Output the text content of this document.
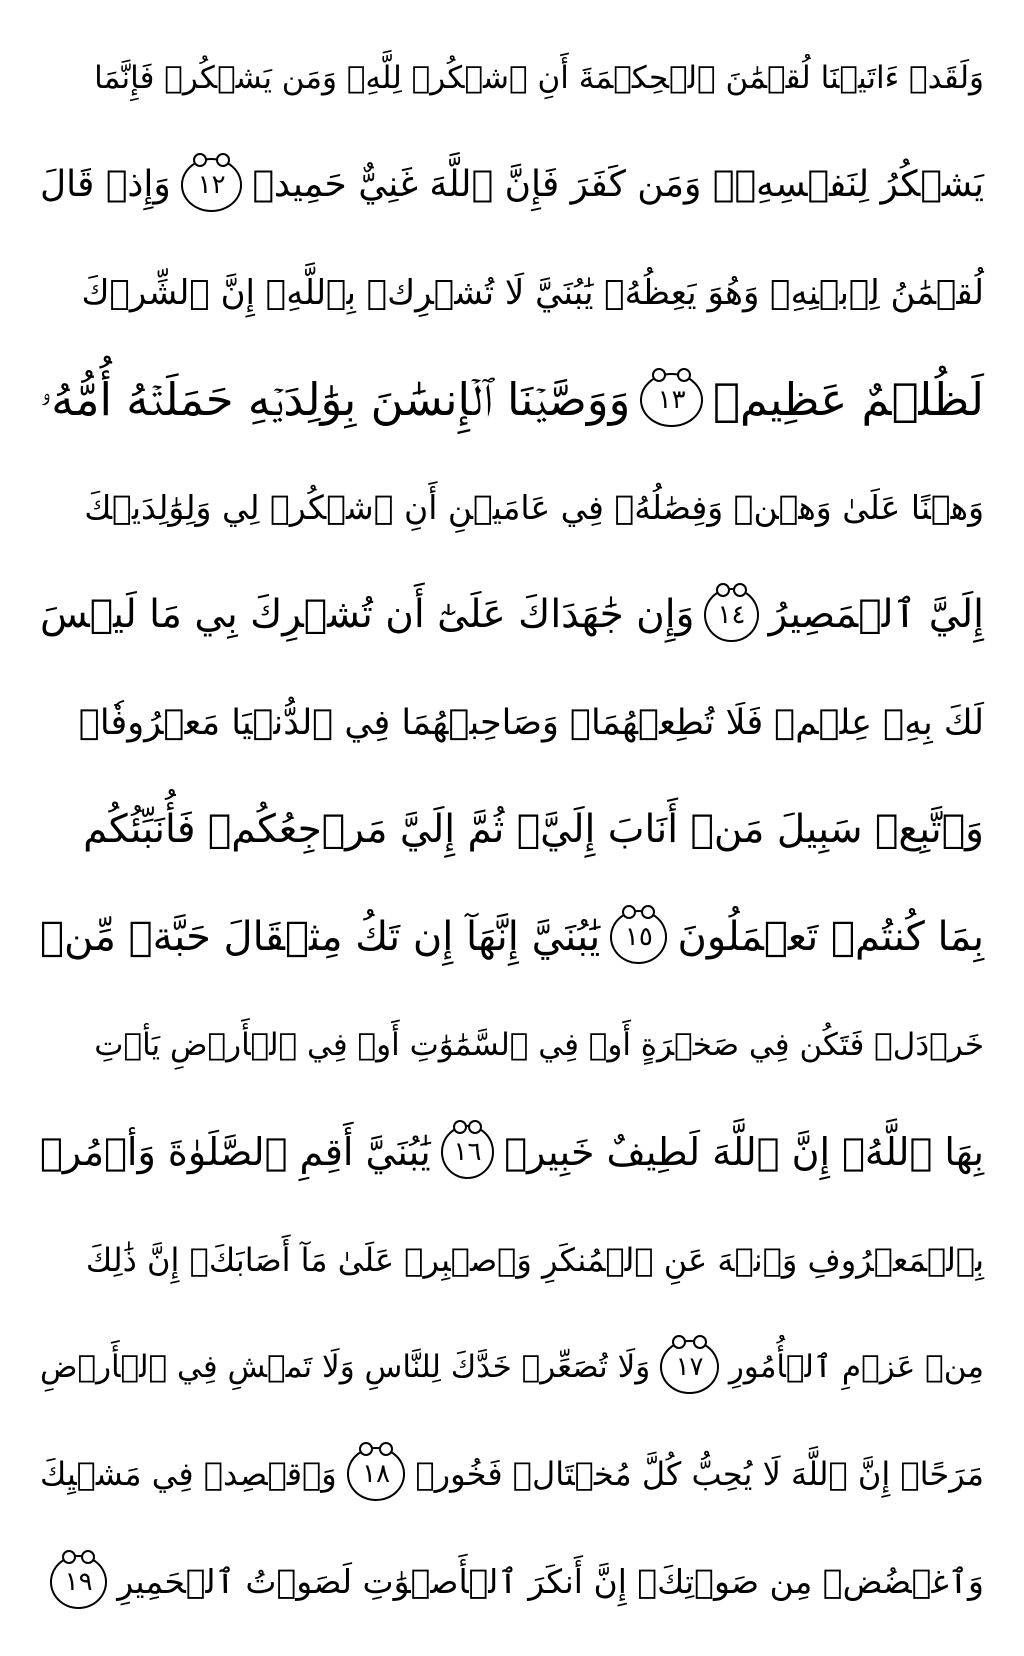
وَلَقَدۡ ءَاتَيۡنَا لُقۡمَٰنَ ٱلۡحِكۡمَةَ أَنِ ٱشۡكُرۡ لِلَّهِۚ وَمَن يَشۡكُرۡ فَإِنَّمَا
يَشۡكُرُ لِنَفۡسِهِۦۖ وَمَن كَفَرَ فَإِنَّ ٱللَّهَ غَنِيٌّ حَمِيدٞ
١٢
وَإِذۡ قَالَ
لُقۡمَٰنُ لِٱبۡنِهِۦ وَهُوَ يَعِظُهُۥ يَٰبُنَيَّ لَا تُشۡرِكۡ بِٱللَّهِۖ إِنَّ ٱلشِّرۡكَ
لَظُلۡمٌ عَظِيمٞ
١٣
وَوَصَّيۡنَا ٱلۡإِنسَٰنَ بِوَٰلِدَيۡهِ حَمَلَتۡهُ أُمُّهُۥ
وَهۡنًا عَلَىٰ وَهۡنٖ وَفِصَٰلُهُۥ فِي عَامَيۡنِ أَنِ ٱشۡكُرۡ لِي وَلِوَٰلِدَيۡكَ
إِلَيَّ ٱلۡمَصِيرُ
١٤
وَإِن جَٰهَدَاكَ عَلَىٰٓ أَن تُشۡرِكَ بِي مَا لَيۡسَ
لَكَ بِهِۦ عِلۡمٞ فَلَا تُطِعۡهُمَاۖ وَصَاحِبۡهُمَا فِي ٱلدُّنۡيَا مَعۡرُوفٗاۖ
وَٱتَّبِعۡ سَبِيلَ مَنۡ أَنَابَ إِلَيَّۚ ثُمَّ إِلَيَّ مَرۡجِعُكُمۡ فَأُنَبِّئُكُم
بِمَا كُنتُمۡ تَعۡمَلُونَ
١٥
يَٰبُنَيَّ إِنَّهَآ إِن تَكُ مِثۡقَالَ حَبَّةٖ مِّنۡ
خَرۡدَلٖ فَتَكُن فِي صَخۡرَةٍ أَوۡ فِي ٱلسَّمَٰوَٰتِ أَوۡ فِي ٱلۡأَرۡضِ يَأۡتِ
بِهَا ٱللَّهُۚ إِنَّ ٱللَّهَ لَطِيفٌ خَبِيرٞ
١٦
يَٰبُنَيَّ أَقِمِ ٱلصَّلَوٰةَ وَأۡمُرۡ
بِٱلۡمَعۡرُوفِ وَٱنۡهَ عَنِ ٱلۡمُنكَرِ وَٱصۡبِرۡ عَلَىٰ مَآ أَصَابَكَۖ إِنَّ ذَٰلِكَ
مِنۡ عَزۡمِ ٱلۡأُمُورِ
١٧
وَلَا تُصَعِّرۡ خَدَّكَ لِلنَّاسِ وَلَا تَمۡشِ فِي ٱلۡأَرۡضِ
مَرَحًاۖ إِنَّ ٱللَّهَ لَا يُحِبُّ كُلَّ مُخۡتَالٖ فَخُورٖ
١٨
وَٱقۡصِدۡ فِي مَشۡيِكَ
وَٱغۡضُضۡ مِن صَوۡتِكَۚ إِنَّ أَنكَرَ ٱلۡأَصۡوَٰتِ لَصَوۡتُ ٱلۡحَمِيرِ
١٩
